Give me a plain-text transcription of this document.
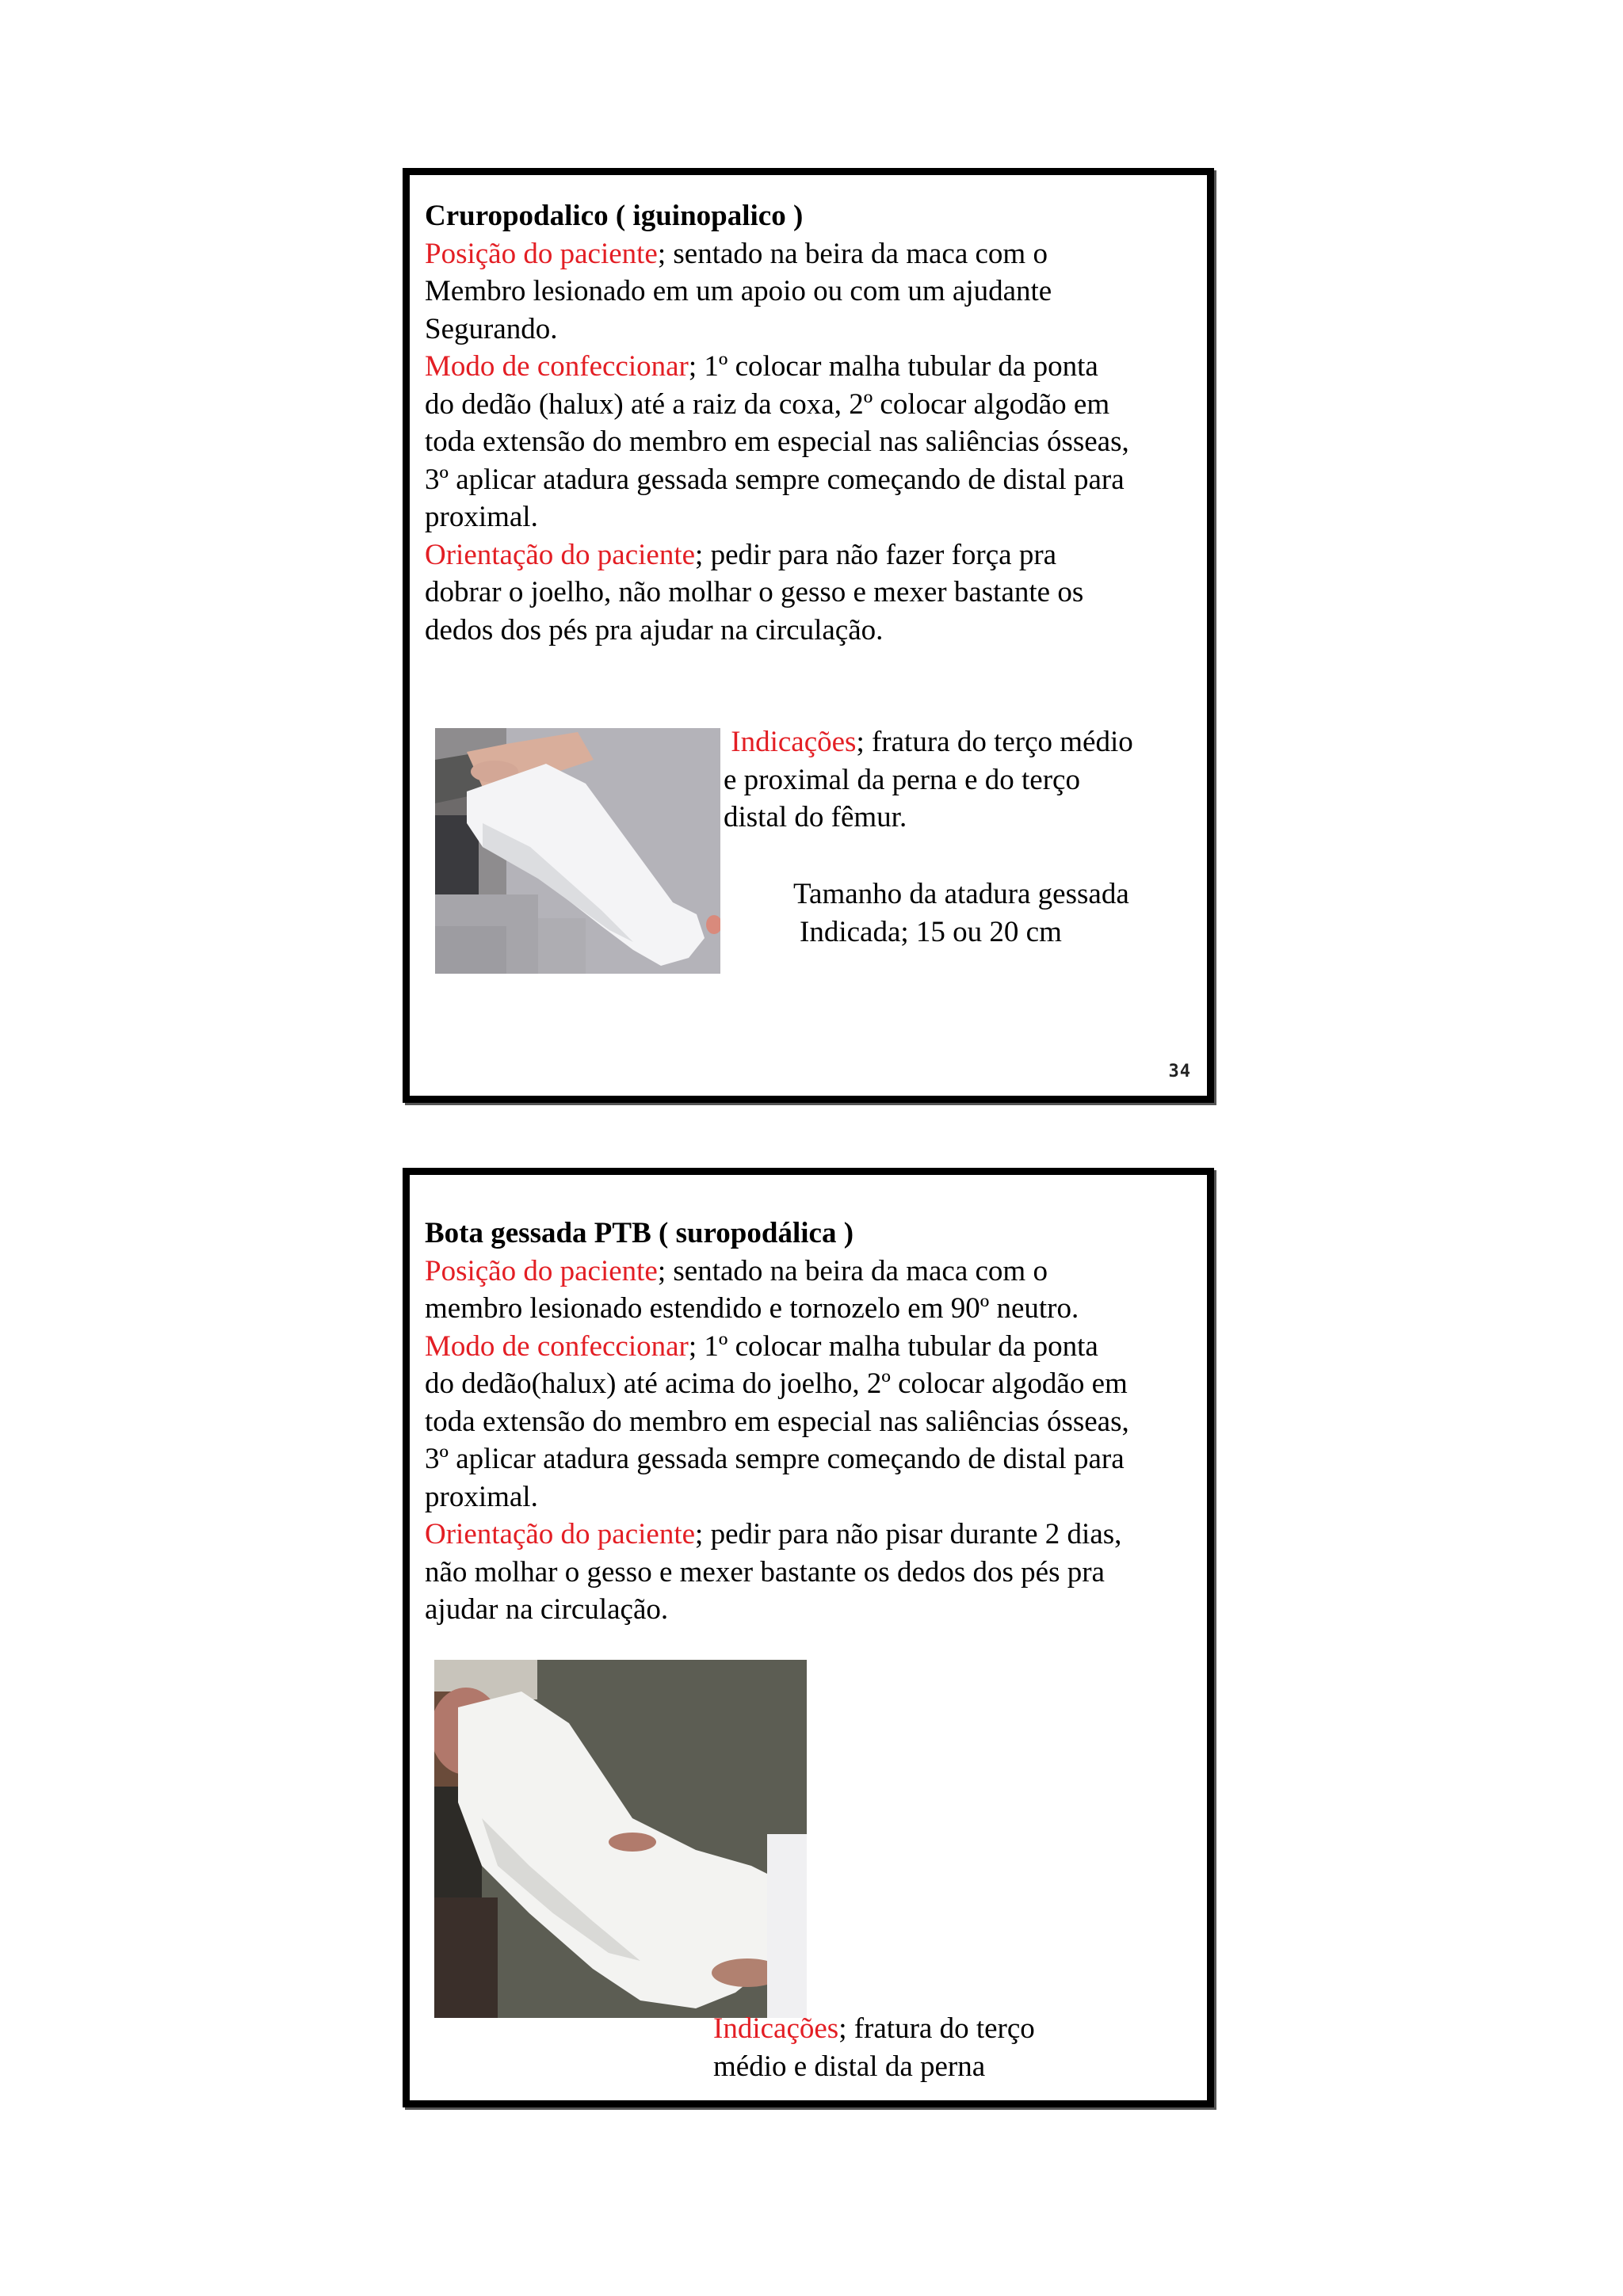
Cruropodalico ( iguinopalico )
Posição do paciente; sentado na beira da maca com o
Membro lesionado em um apoio ou com um ajudante
Segurando.
Modo de confeccionar; 1º colocar malha tubular da ponta
do dedão (halux) até a raiz da coxa, 2º colocar algodão em
toda extensão do membro em especial nas saliências ósseas,
3º aplicar atadura gessada sempre começando de distal para
proximal.
Orientação do paciente; pedir para não fazer força pra
dobrar o joelho, não molhar o gesso e mexer bastante os
dedos dos pés pra ajudar na circulação.
Indicações; fratura do terço médio
e proximal da perna e do terço
distal do fêmur.
Tamanho da atadura gessada
Indicada; 15 ou 20 cm
34
Bota gessada PTB ( suropodálica )
Posição do paciente; sentado na beira da maca com o
membro lesionado estendido e tornozelo em 90º neutro.
Modo de confeccionar; 1º colocar malha tubular da ponta
do dedão(halux) até acima do joelho, 2º colocar algodão em
toda extensão do membro em especial nas saliências ósseas,
3º aplicar atadura gessada sempre começando de distal para
proximal.
Orientação do paciente; pedir para não pisar durante 2 dias,
não molhar o gesso e mexer bastante os dedos dos pés pra
ajudar na circulação.
Indicações; fratura do terço
médio e distal da perna
